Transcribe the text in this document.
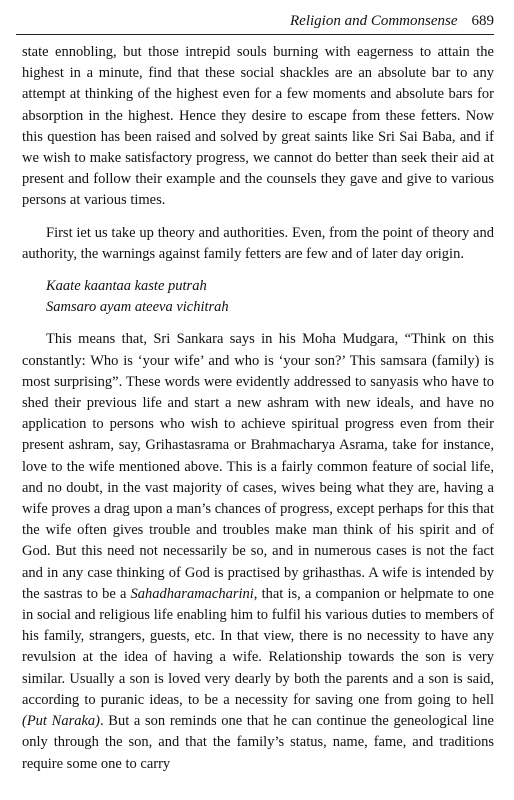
Religion and Commonsense 689

state ennobling, but those intrepid souls burning with eagerness to attain the highest in a minute, find that these social shackles are an absolute bar to any attempt at thinking of the highest even for a few moments and absolute bars for absorption in the highest. Hence they desire to escape from these fetters. Now this question has been raised and solved by great saints like Sri Sai Baba, and if we wish to make satisfactory progress, we cannot do better than seek their aid at present and follow their example and the counsels they gave and give to various persons at various times.

First iet us take up theory and authorities. Even, from the point of theory and authority, the warnings against family fetters are few and of later day origin.

Kaate kaantaa kaste putrah
Samsaro ayam ateeva vichitrah

This means that, Sri Sankara says in his Moha Mudgara, “Think on this constantly: Who is ‘your wife’ and who is ‘your son?’ This samsara (family) is most surprising”. These words were evidently addressed to sanyasis who have to shed their previous life and start a new ashram with new ideals, and have no application to persons who wish to achieve spiritual progress even from their present ashram, say, Grihastasrama or Brahmacharya Asrama, take for instance, love to the wife mentioned above. This is a fairly common feature of social life, and no doubt, in the vast majority of cases, wives being what they are, having a wife proves a drag upon a man’s chances of progress, except perhaps for this that the wife often gives trouble and troubles make man think of his spirit and of God. But this need not necessarily be so, and in numerous cases is not the fact and in any case thinking of God is practised by grihasthas. A wife is intended by the sastras to be a Sahadharamacharini, that is, a companion or helpmate to one in social and religious life enabling him to fulfil his various duties to members of his family, strangers, guests, etc. In that view, there is no necessity to have any revulsion at the idea of having a wife. Relationship towards the son is very similar. Usually a son is loved very dearly by both the parents and a son is said, according to puranic ideas, to be a necessity for saving one from going to hell (Put Naraka). But a son reminds one that he can continue the geneological line only through the son, and that the family’s status, name, fame, and traditions require some one to carry
